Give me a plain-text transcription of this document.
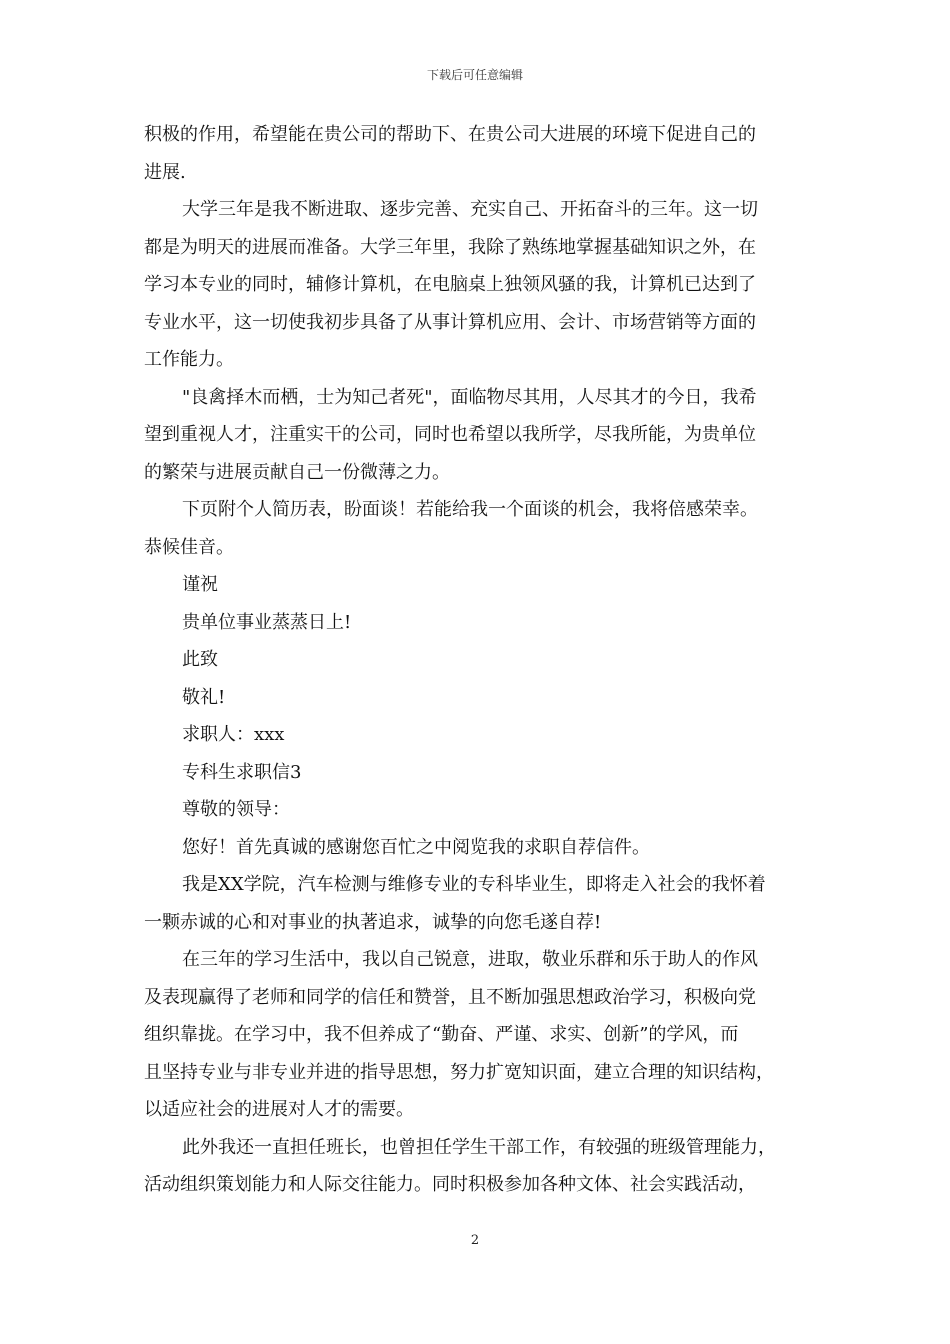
下载后可任意编辑
积极的作用，希望能在贵公司的帮助下、在贵公司大进展的环境下促进自己的
进展.
大学三年是我不断进取、逐步完善、充实自己、开拓奋斗的三年。这一切
都是为明天的进展而准备。大学三年里，我除了熟练地掌握基础知识之外，在
学习本专业的同时，辅修计算机，在电脑桌上独领风骚的我，计算机已达到了
专业水平，这一切使我初步具备了从事计算机应用、会计、市场营销等方面的
工作能力。
"良禽择木而栖，士为知己者死"，面临物尽其用，人尽其才的今日，我希
望到重视人才，注重实干的公司，同时也希望以我所学，尽我所能，为贵单位
的繁荣与进展贡献自己一份微薄之力。
下页附个人简历表，盼面谈！若能给我一个面谈的机会，我将倍感荣幸。
恭候佳音。
谨祝
贵单位事业蒸蒸日上!
此致
敬礼!
求职人：xxx
专科生求职信3
尊敬的领导：
您好！首先真诚的感谢您百忙之中阅览我的求职自荐信件。
我是XX学院，汽车检测与维修专业的专科毕业生，即将走入社会的我怀着
一颗赤诚的心和对事业的执著追求，诚挚的向您毛遂自荐!
在三年的学习生活中，我以自己锐意，进取，敬业乐群和乐于助人的作风
及表现赢得了老师和同学的信任和赞誉，且不断加强思想政治学习，积极向党
组织靠拢。在学习中，我不但养成了“勤奋、严谨、求实、创新”的学风，而
且坚持专业与非专业并进的指导思想，努力扩宽知识面，建立合理的知识结构，
以适应社会的进展对人才的需要。
此外我还一直担任班长，也曾担任学生干部工作，有较强的班级管理能力，
活动组织策划能力和人际交往能力。同时积极参加各种文体、社会实践活动，
2
